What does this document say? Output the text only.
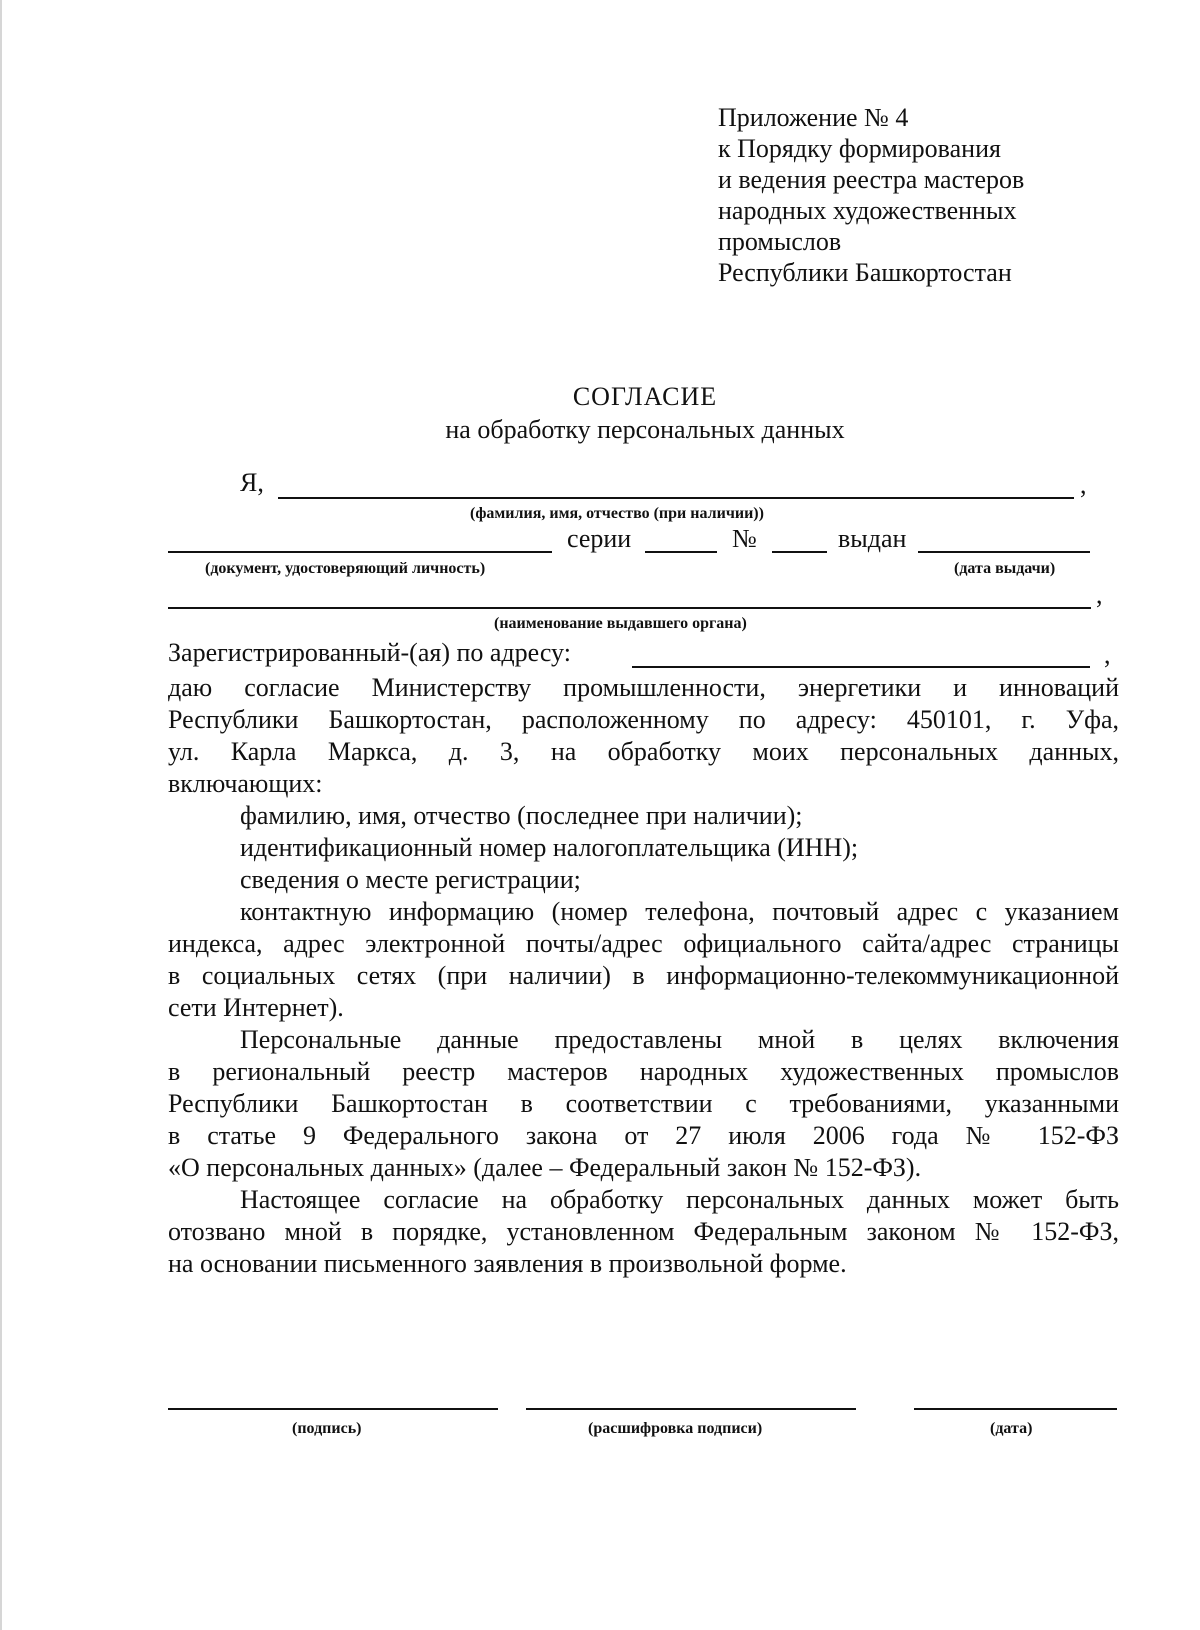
Приложение № 4
к Порядку формирования
и ведения реестра мастеров
народных художественных
промыслов
Республики Башкортостан
СОГЛАСИЕ
на обработку персональных данных
Я,	,
(фамилия, имя, отчество (при наличии))
серии	№	выдан
(документ, удостоверяющий личность)	(дата выдачи)
,
(наименование выдавшего органа)
Зарегистрированный-(ая) по адресу:	,
даю согласие Министерству промышленности, энергетики и инноваций
Республики Башкортостан, расположенному по адресу: 450101, г. Уфа,
ул. Карла Маркса, д. 3, на обработку моих персональных данных,
включающих:
фамилию, имя, отчество (последнее при наличии);
идентификационный номер налогоплательщика (ИНН);
сведения о месте регистрации;
контактную информацию (номер телефона, почтовый адрес с указанием
индекса, адрес электронной почты/адрес официального сайта/адрес страницы
в социальных сетях (при наличии) в информационно-телекоммуникационной
сети Интернет).
Персональные данные предоставлены мной в целях включения
в региональный реестр мастеров народных художественных промыслов
Республики Башкортостан в соответствии с требованиями, указанными
в статье 9 Федерального закона от 27 июля 2006 года № 152-ФЗ
«О персональных данных» (далее – Федеральный закон № 152-ФЗ).
Настоящее согласие на обработку персональных данных может быть
отозвано мной в порядке, установленном Федеральным законом № 152-ФЗ,
на основании письменного заявления в произвольной форме.
(подпись)	(расшифровка подписи)	(дата)
